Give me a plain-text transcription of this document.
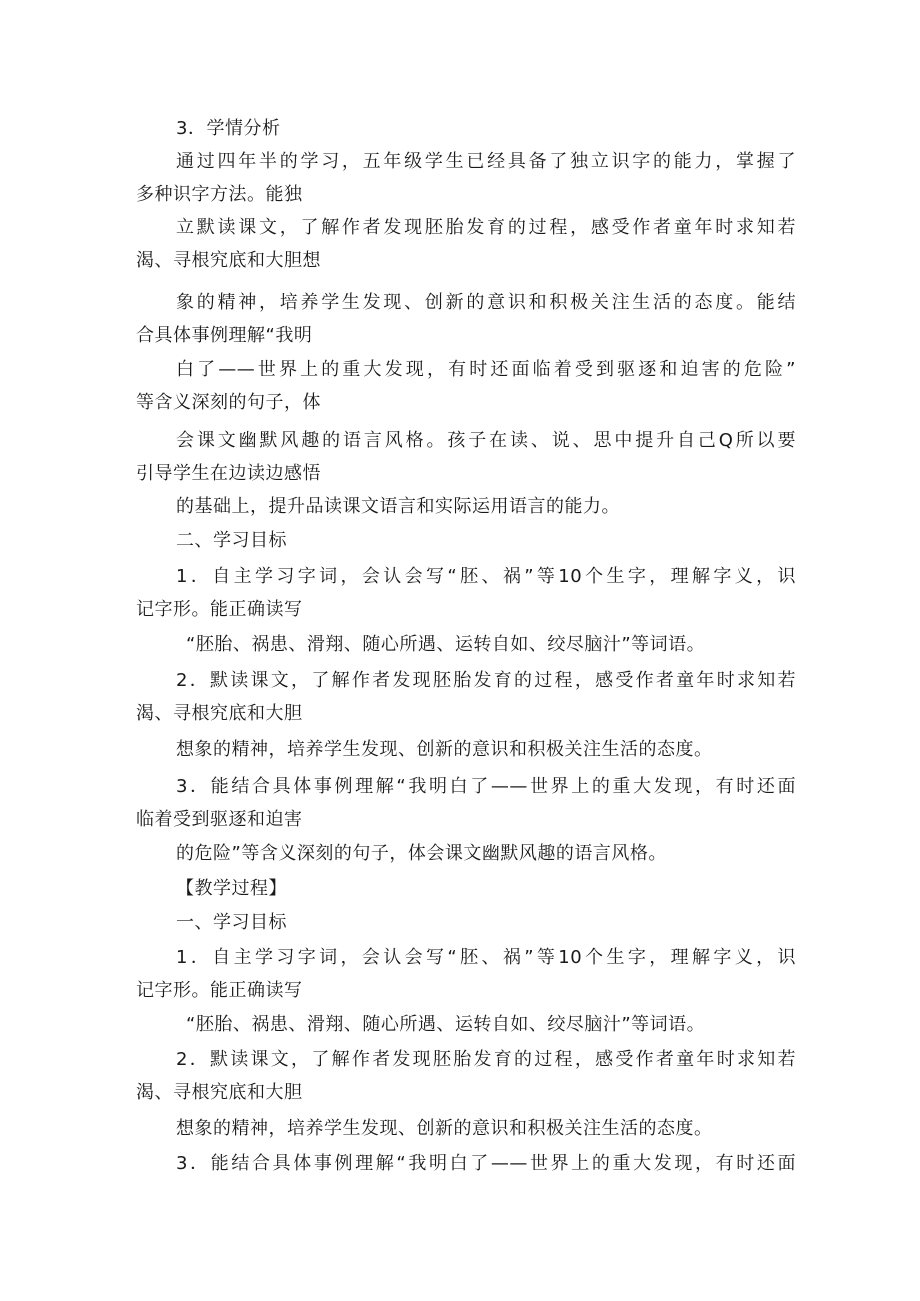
3．学情分析
通过四年半的学习，五年级学生已经具备了独立识字的能力，掌握了
多种识字方法。能独
立默读课文，了解作者发现胚胎发育的过程，感受作者童年时求知若
渴、寻根究底和大胆想
象的精神，培养学生发现、创新的意识和积极关注生活的态度。能结
合具体事例理解“我明
白了——世界上的重大发现，有时还面临着受到驱逐和迫害的危险”
等含义深刻的句子，体
会课文幽默风趣的语言风格。孩子在读、说、思中提升自己Q所以要
引导学生在边读边感悟
的基础上，提升品读课文语言和实际运用语言的能力。
二、学习目标
1．自主学习字词，会认会写“胚、祸”等10个生字，理解字义，识
记字形。能正确读写
“胚胎、祸患、滑翔、随心所遇、运转自如、绞尽脑汁”等词语。
2．默读课文，了解作者发现胚胎发育的过程，感受作者童年时求知若
渴、寻根究底和大胆
想象的精神，培养学生发现、创新的意识和积极关注生活的态度。
3．能结合具体事例理解“我明白了——世界上的重大发现，有时还面
临着受到驱逐和迫害
的危险”等含义深刻的句子，体会课文幽默风趣的语言风格。
【教学过程】
一、学习目标
1．自主学习字词，会认会写“胚、祸”等10个生字，理解字义，识
记字形。能正确读写
“胚胎、祸患、滑翔、随心所遇、运转自如、绞尽脑汁”等词语。
2．默读课文，了解作者发现胚胎发育的过程，感受作者童年时求知若
渴、寻根究底和大胆
想象的精神，培养学生发现、创新的意识和积极关注生活的态度。
3．能结合具体事例理解“我明白了——世界上的重大发现，有时还面
